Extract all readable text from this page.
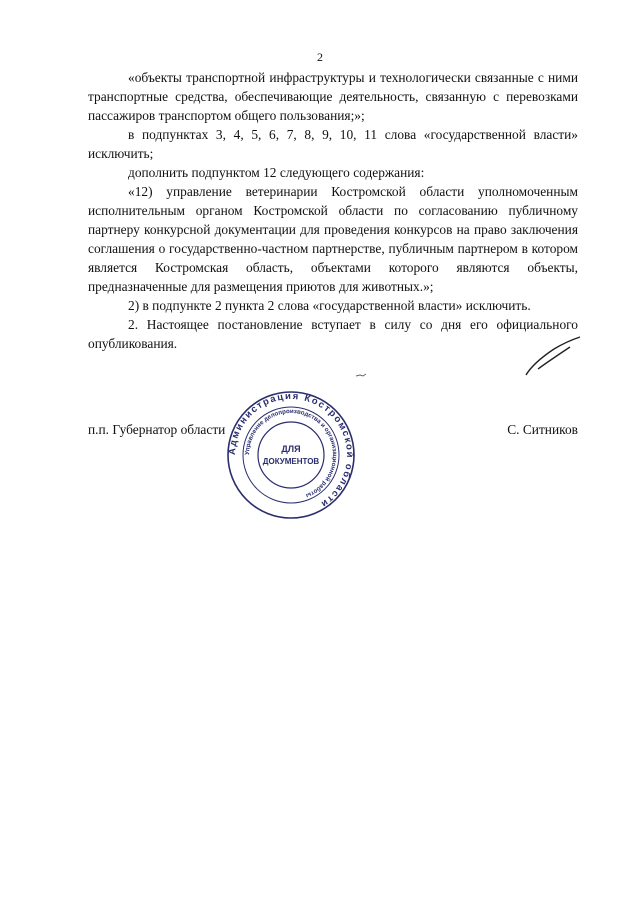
2

«объекты транспортной инфраструктуры и технологически связанные с ними транспортные средства, обеспечивающие деятельность, связанную с перевозками пассажиров транспортом общего пользования;»;

в подпунктах 3, 4, 5, 6, 7, 8, 9, 10, 11 слова «государственной власти» исключить;

дополнить подпунктом 12 следующего содержания:

«12) управление ветеринарии Костромской области уполномоченным исполнительным органом Костромской области по согласованию публичному партнеру конкурсной документации для проведения конкурсов на право заключения соглашения о государственно-частном партнерстве, публичным партнером в котором является Костромская область, объектами которого являются объекты, предназначенные для размещения приютов для животных.»;

2) в подпункте 2 пункта 2 слова «государственной власти» исключить.

2. Настоящее постановление вступает в силу со дня его официального опубликования.

п.п. Губернатор области	С. Ситников
Администрация Костромской области
Управление делопроизводства и организационной работы
ДЛЯ
ДОКУМЕНТОВ
